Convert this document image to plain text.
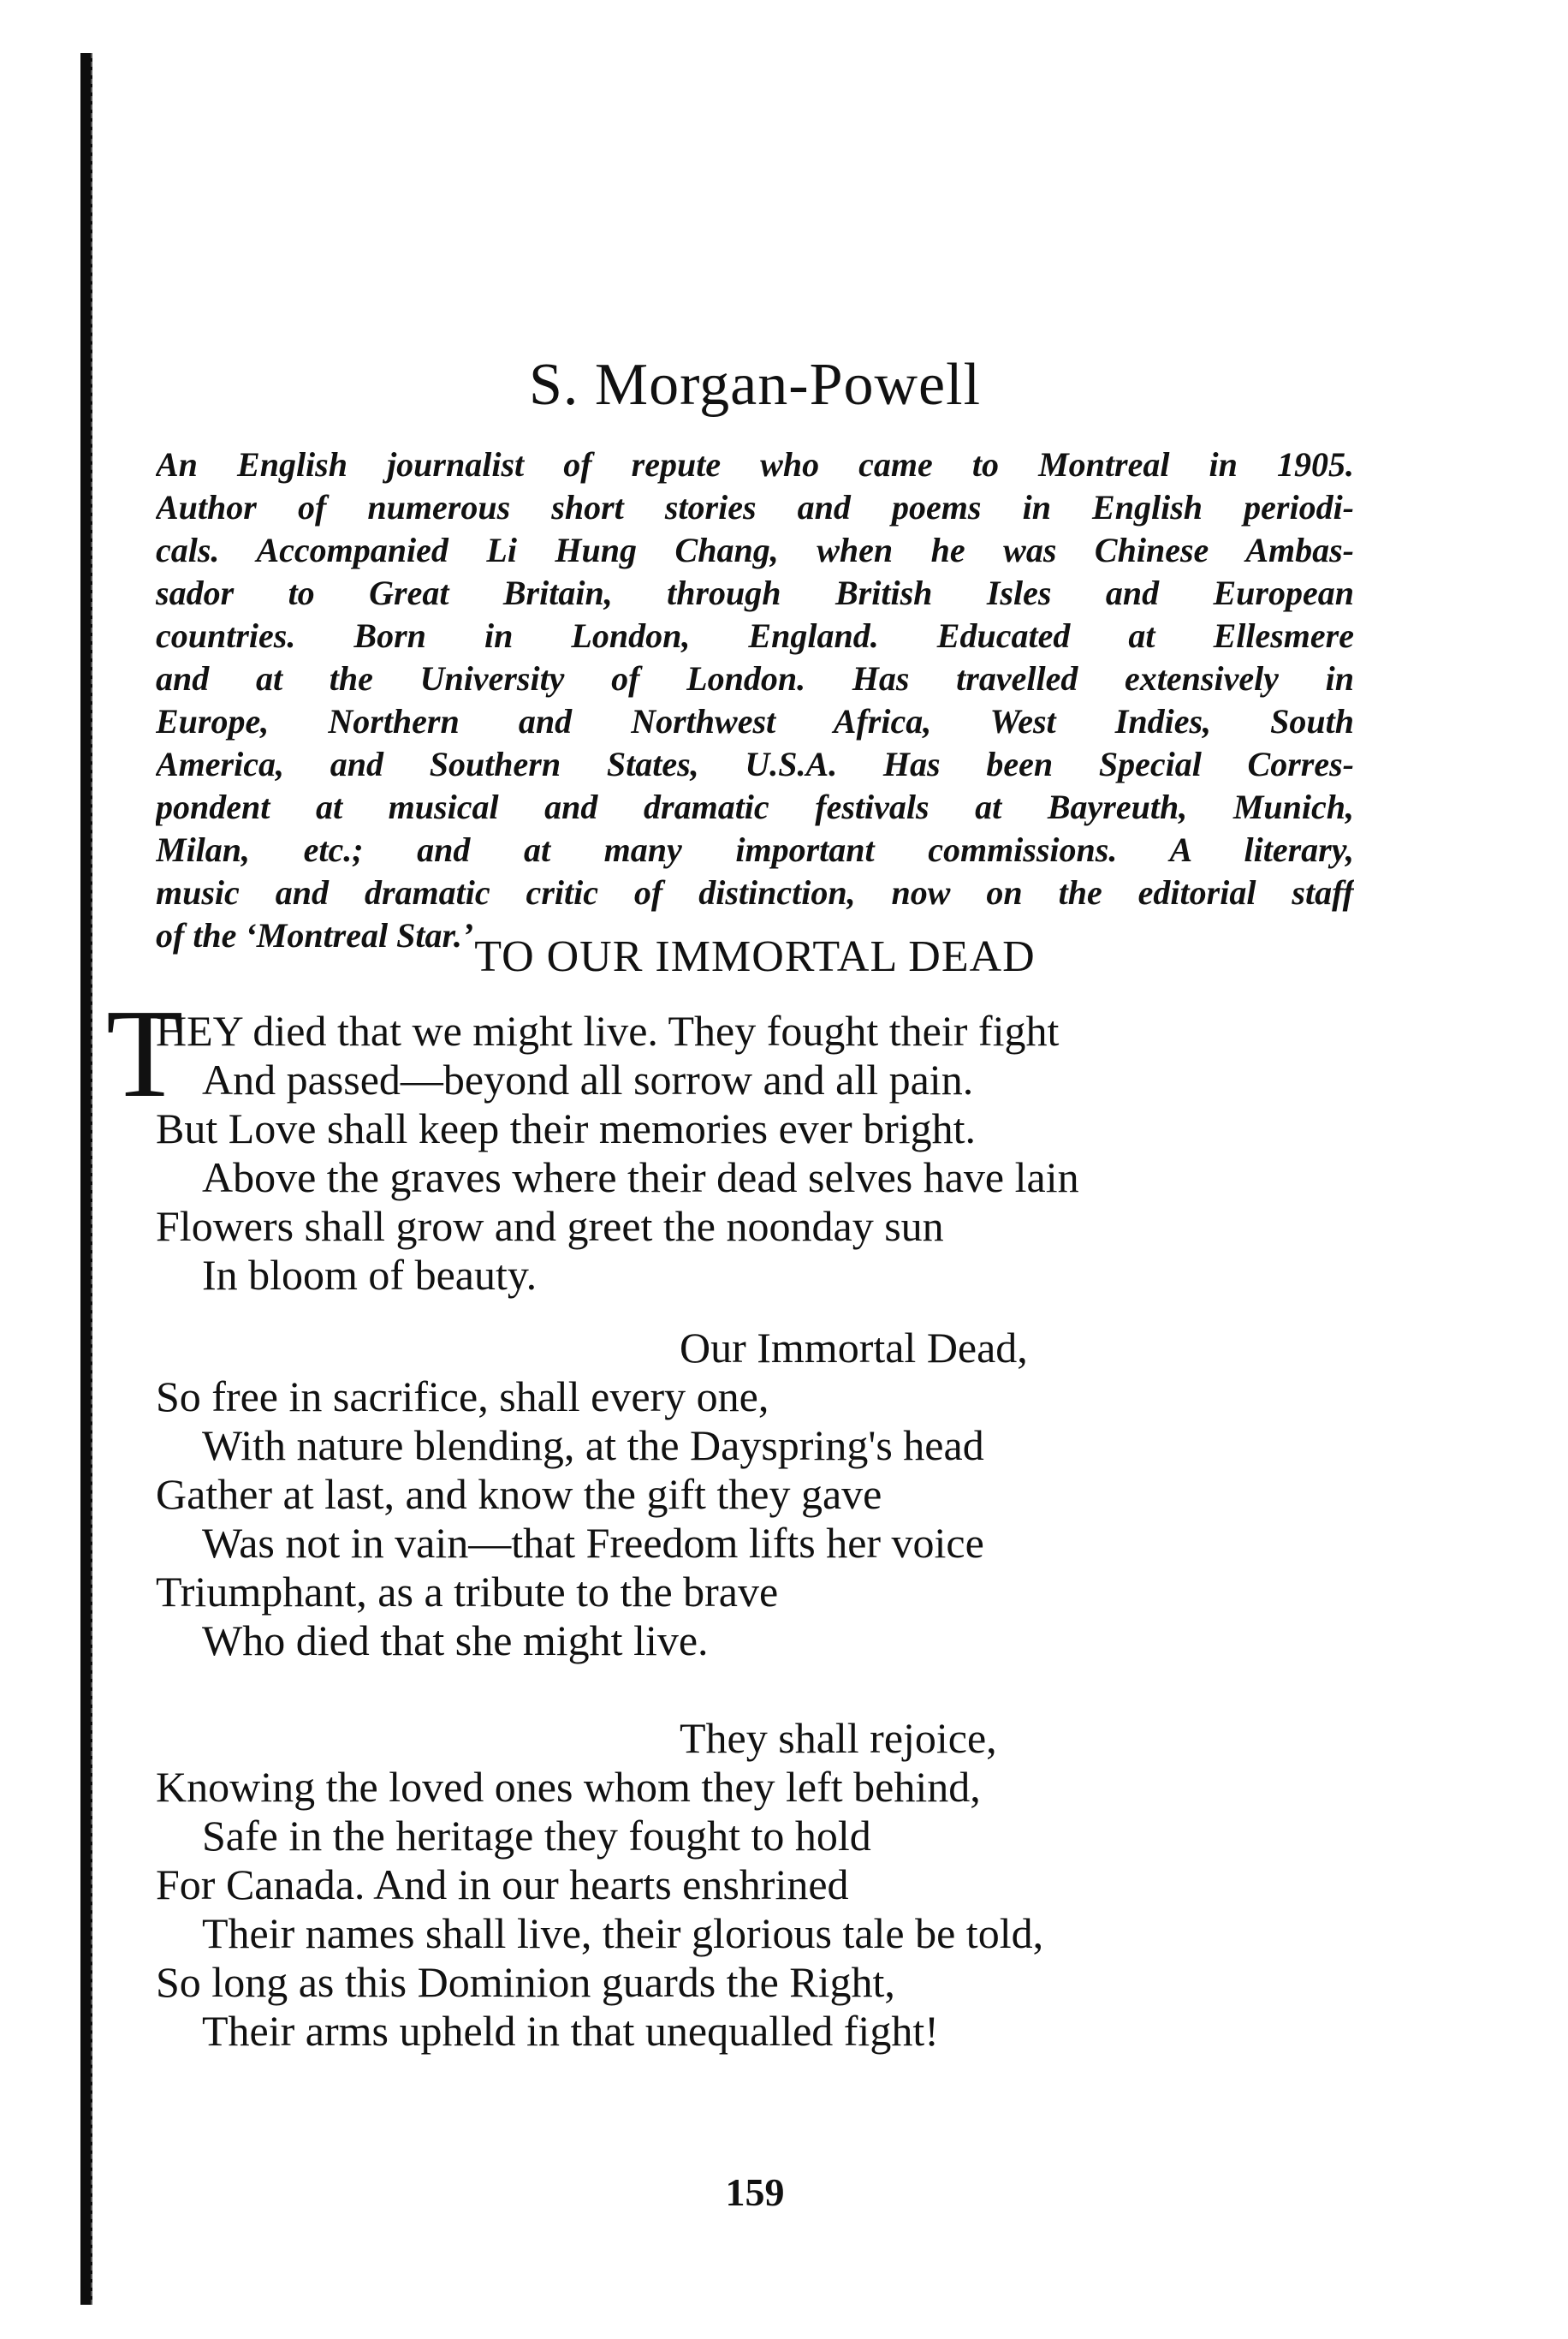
S. Morgan-Powell
An English journalist of repute who came to Montreal in 1905.
Author of numerous short stories and poems in English periodi-
cals. Accompanied Li Hung Chang, when he was Chinese Ambas-
sador to Great Britain, through British Isles and European
countries. Born in London, England. Educated at Ellesmere
and at the University of London. Has travelled extensively in
Europe, Northern and Northwest Africa, West Indies, South
America, and Southern States, U.S.A. Has been Special Corres-
pondent at musical and dramatic festivals at Bayreuth, Munich,
Milan, etc.; and at many important commissions. A literary,
music and dramatic critic of distinction, now on the editorial staff
of the ‘Montreal Star.’ TO OUR IMMORTAL DEAD
T
HEY died that we might live. They fought their fight
And passed—beyond all sorrow and all pain.
But Love shall keep their memories ever bright.
Above the graves where their dead selves have lain
Flowers shall grow and greet the noonday sun
In bloom of beauty.
Our Immortal Dead,
So free in sacrifice, shall every one,
With nature blending, at the Dayspring's head
Gather at last, and know the gift they gave
Was not in vain—that Freedom lifts her voice
Triumphant, as a tribute to the brave
Who died that she might live.
They shall rejoice,
Knowing the loved ones whom they left behind,
Safe in the heritage they fought to hold
For Canada. And in our hearts enshrined
Their names shall live, their glorious tale be told,
So long as this Dominion guards the Right,
Their arms upheld in that unequalled fight!
159
